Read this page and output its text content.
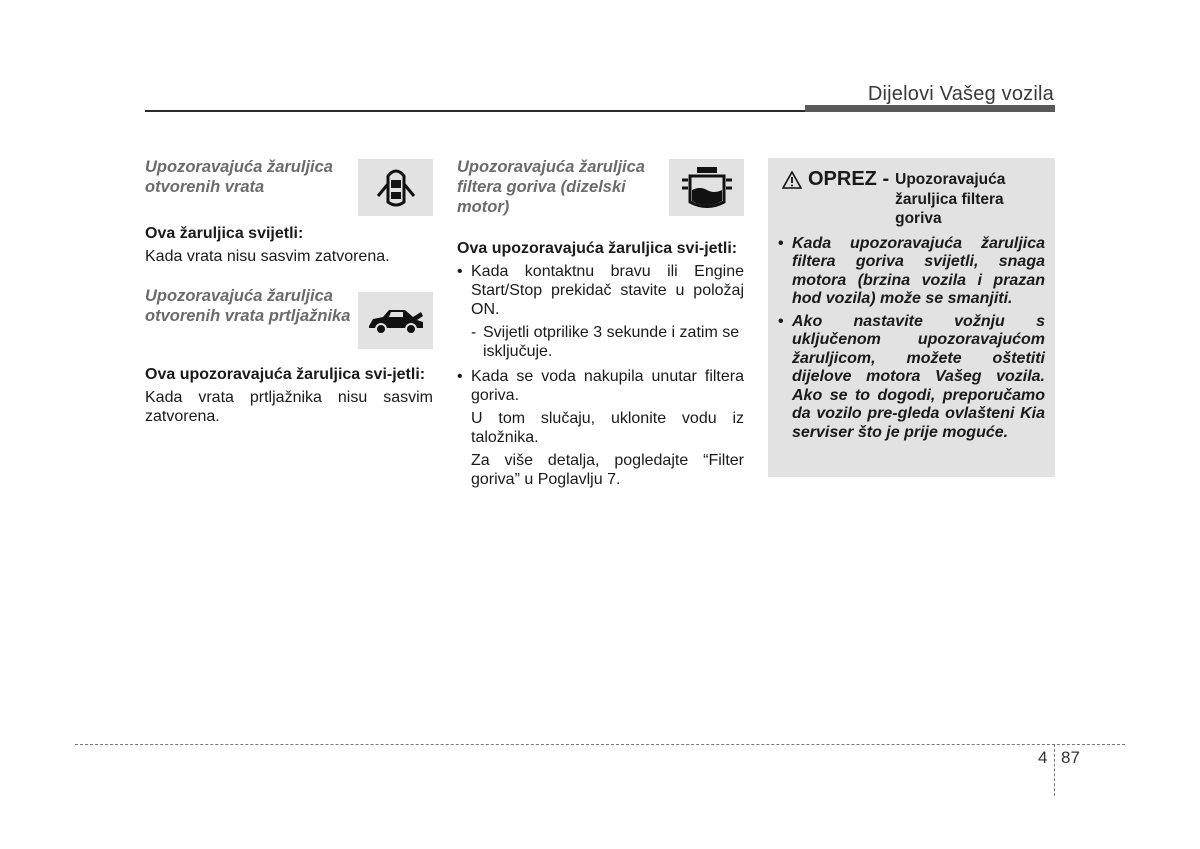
Dijelovi Vašeg vozila
Upozoravajuća žaruljica otvorenih vrata
Ova žaruljica svijetli:

Kada vrata nisu sasvim zatvorena.

Upozoravajuća žaruljica otvorenih vrata prtljažnika
Ova upozoravajuća žaruljica svi-jetli:

Kada vrata prtljažnika nisu sasvim zatvorena.

Upozoravajuća žaruljica filtera goriva (dizelski motor)
Ova upozoravajuća žaruljica svi-jetli:
• Kada kontaktnu bravu ili Engine Start/Stop prekidač stavite u položaj ON.
- Svijetli otprilike 3 sekunde i zatim se isključuje.
• Kada se voda nakupila unutar filtera goriva.
U tom slučaju, uklonite vodu iz taložnika.
Za više detalja, pogledajte “Filter goriva” u Poglavlju 7.
OPREZ - Upozoravajuća žaruljica filtera goriva
• Kada upozoravajuća žaruljica filtera goriva svijetli, snaga motora (brzina vozila i prazan hod vozila) može se smanjiti.
• Ako nastavite vožnju s uključenom upozoravajućom žaruljicom, možete oštetiti dijelove motora Vašeg vozila. Ako se to dogodi, preporučamo da vozilo pre-gleda ovlašteni Kia serviser što je prije moguće.
4 87
